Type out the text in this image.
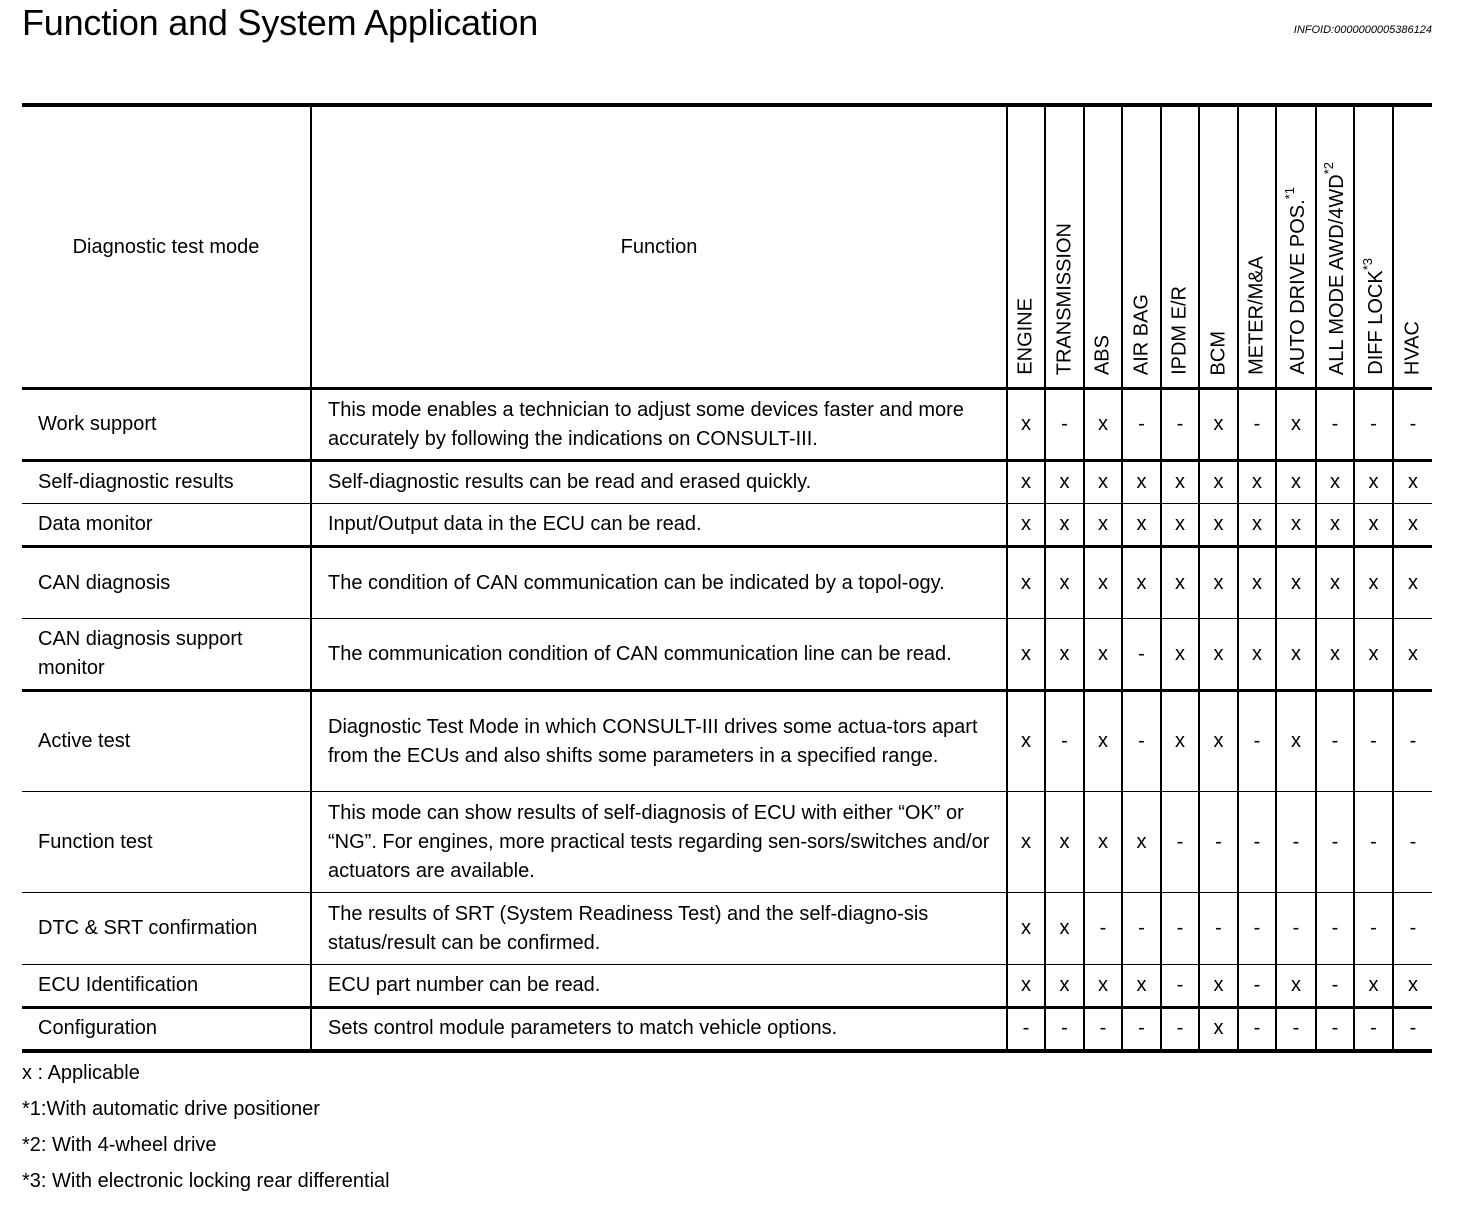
Function and System Application	INFOID:0000000005386124
Diagnostic test mode	Function	ENGINE	TRANSMISSION	ABS	AIR BAG	IPDM E/R	BCM	METER/M&A	AUTO DRIVE POS.$^{*1}$	ALL MODE AWD/4WD$^{*2}$	DIFF LOCK$^{*3}$	HVAC

Work support	This mode enables a technician to adjust some devices faster and more accurately by following the indications on CONSULT-III.	x	-	x	-	-	x	-	x	-	-	-
Self-diagnostic results	Self-diagnostic results can be read and erased quickly.	x	x	x	x	x	x	x	x	x	x	x
Data monitor	Input/Output data in the ECU can be read.	x	x	x	x	x	x	x	x	x	x	x
CAN diagnosis	The condition of CAN communication can be indicated by a topol-ogy.	x	x	x	x	x	x	x	x	x	x	x
CAN diagnosis support monitor	The communication condition of CAN communication line can be read.	x	x	x	-	x	x	x	x	x	x	x
Active test	Diagnostic Test Mode in which CONSULT-III drives some actua-tors apart from the ECUs and also shifts some parameters in a specified range.	x	-	x	-	x	x	-	x	-	-	-
Function test	This mode can show results of self-diagnosis of ECU with either “OK” or “NG”. For engines, more practical tests regarding sen-sors/switches and/or actuators are available.	x	x	x	x	-	-	-	-	-	-	-
DTC & SRT confirmation	The results of SRT (System Readiness Test) and the self-diagno-sis status/result can be confirmed.	x	x	-	-	-	-	-	-	-	-	-
ECU Identification	ECU part number can be read.	x	x	x	x	-	x	-	x	-	x	x
Configuration	Sets control module parameters to match vehicle options.	-	-	-	-	-	x	-	-	-	-	-
x : Applicable
*1:With automatic drive positioner
*2: With 4-wheel drive
*3: With electronic locking rear differential
